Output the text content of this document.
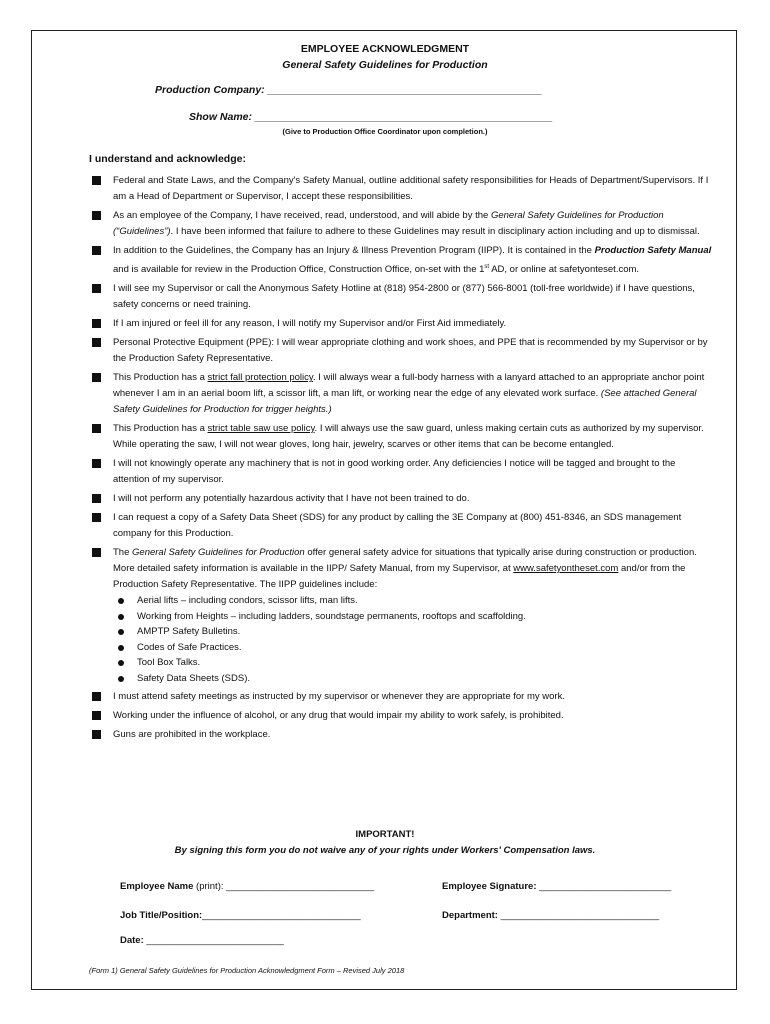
EMPLOYEE ACKNOWLEDGMENT
General Safety Guidelines for Production
Production Company: _______________________________________________
Show Name: ___________________________________________________
(Give to Production Office Coordinator upon completion.)
I understand and acknowledge:
Federal and State Laws, and the Company's Safety Manual, outline additional safety responsibilities for Heads of Department/Supervisors. If I am a Head of Department or Supervisor, I accept these responsibilities.
As an employee of the Company, I have received, read, understood, and will abide by the General Safety Guidelines for Production (“Guidelines”). I have been informed that failure to adhere to these Guidelines may result in disciplinary action including and up to dismissal.
In addition to the Guidelines, the Company has an Injury & Illness Prevention Program (IIPP). It is contained in the Production Safety Manual and is available for review in the Production Office, Construction Office, on-set with the 1st AD, or online at safetyonteset.com.
I will see my Supervisor or call the Anonymous Safety Hotline at (818) 954-2800 or (877) 566-8001 (toll-free worldwide) if I have questions, safety concerns or need training.
If I am injured or feel ill for any reason, I will notify my Supervisor and/or First Aid immediately.
Personal Protective Equipment (PPE): I will wear appropriate clothing and work shoes, and PPE that is recommended by my Supervisor or by the Production Safety Representative.
This Production has a strict fall protection policy. I will always wear a full-body harness with a lanyard attached to an appropriate anchor point whenever I am in an aerial boom lift, a scissor lift, a man lift, or working near the edge of any elevated work surface. (See attached General Safety Guidelines for Production for trigger heights.)
This Production has a strict table saw use policy. I will always use the saw guard, unless making certain cuts as authorized by my supervisor. While operating the saw, I will not wear gloves, long hair, jewelry, scarves or other items that can be become entangled.
I will not knowingly operate any machinery that is not in good working order. Any deficiencies I notice will be tagged and brought to the attention of my supervisor.
I will not perform any potentially hazardous activity that I have not been trained to do.
I can request a copy of a Safety Data Sheet (SDS) for any product by calling the 3E Company at (800) 451-8346, an SDS management company for this Production.
The General Safety Guidelines for Production offer general safety advice for situations that typically arise during construction or production. More detailed safety information is available in the IIPP/ Safety Manual, from my Supervisor, at www.safetyontheset.com and/or from the Production Safety Representative. The IIPP guidelines include:
Aerial lifts – including condors, scissor lifts, man lifts.
Working from Heights – including ladders, soundstage permanents, rooftops and scaffolding.
AMPTP Safety Bulletins.
Codes of Safe Practices.
Tool Box Talks.
Safety Data Sheets (SDS).
I must attend safety meetings as instructed by my supervisor or whenever they are appropriate for my work.
Working under the influence of alcohol, or any drug that would impair my ability to work safely, is prohibited.
Guns are prohibited in the workplace.
IMPORTANT!
By signing this form you do not waive any of your rights under Workers' Compensation laws.
Employee Name (print): ____________________________	Employee Signature: _________________________
Job Title/Position:______________________________	Department: ______________________________
Date: __________________________
(Form 1) General Safety Guidelines for Production Acknowledgment Form – Revised July 2018
